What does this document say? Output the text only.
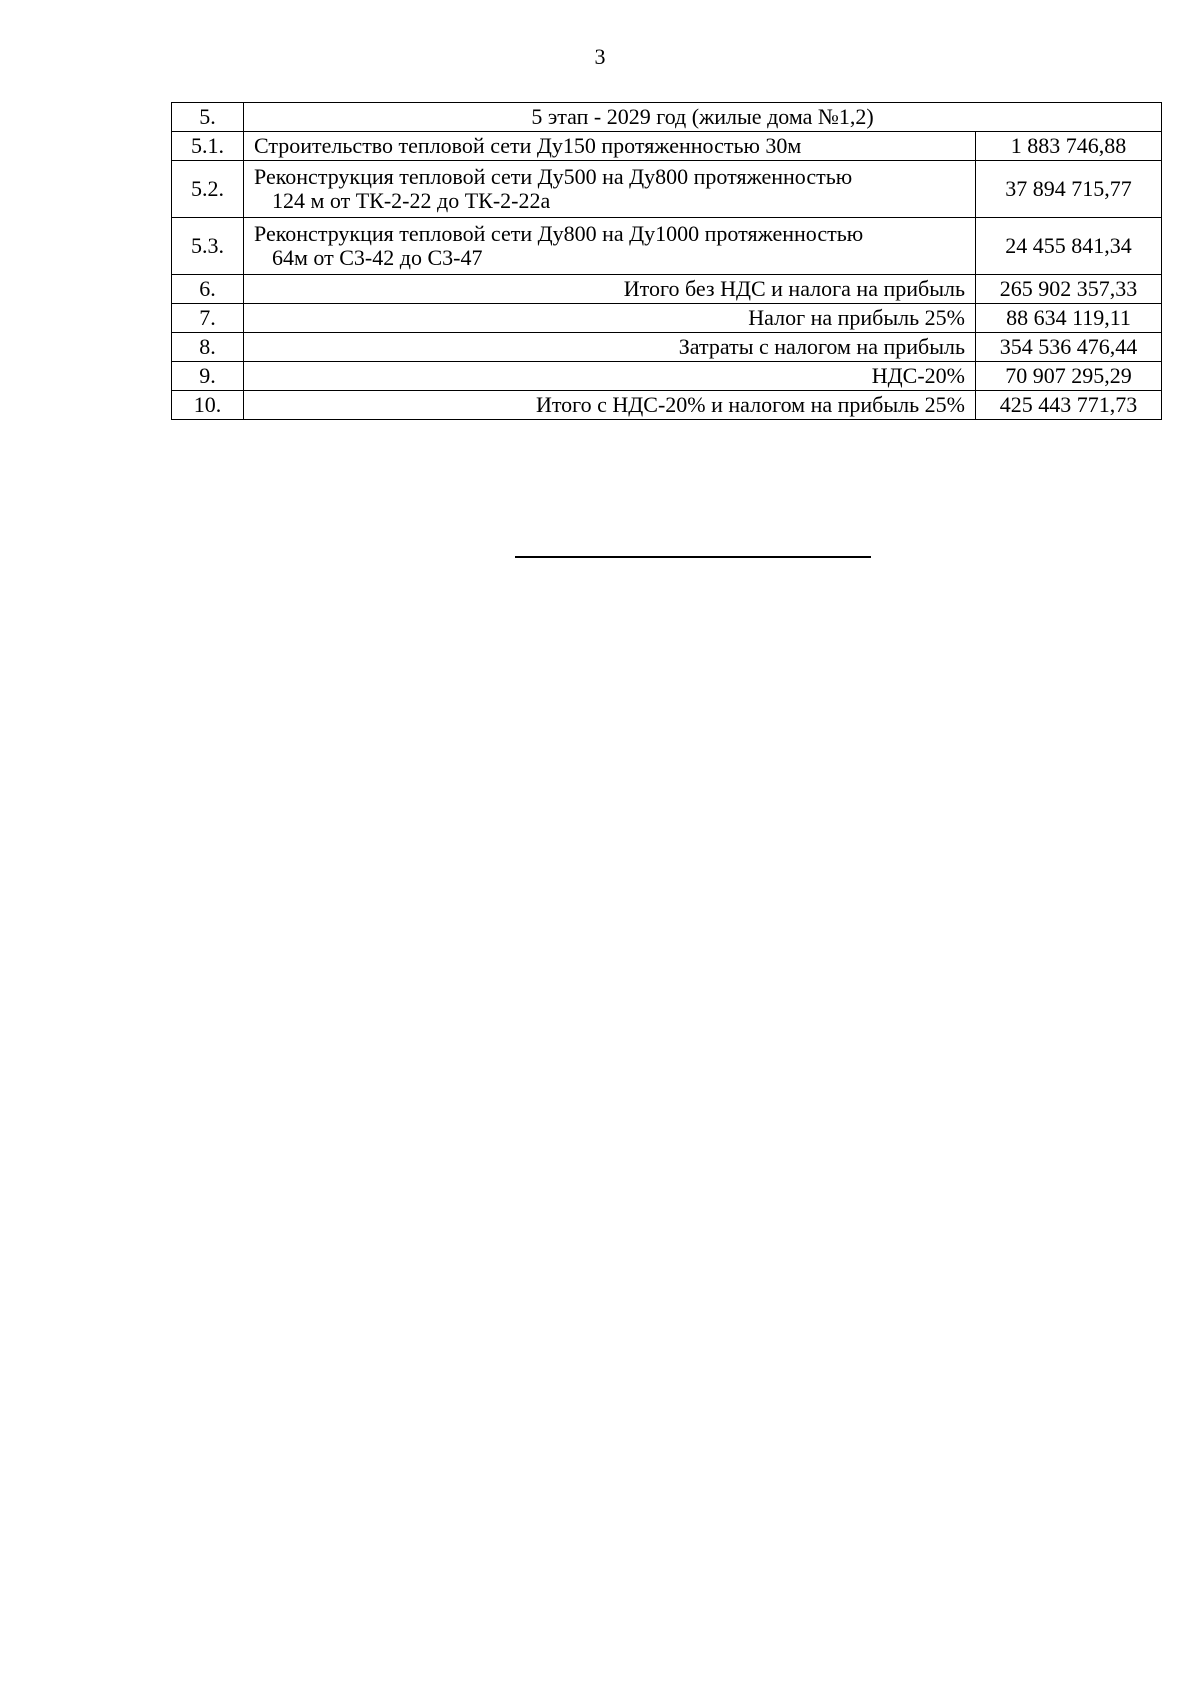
3
5.	5 этап - 2029 год (жилые дома №1,2)	
5.1.	Строительство тепловой сети Ду150 протяженностью 30м	1 883 746,88
5.2.	Реконструкция тепловой сети Ду500 на Ду800 протяженностью
124 м от ТК-2-22 до ТК-2-22а	37 894 715,77
5.3.	Реконструкция тепловой сети Ду800 на Ду1000 протяженностью
64м от С3-42 до С3-47	24 455 841,34
6.	Итого без НДС и налога на прибыль	265 902 357,33
7.	Налог на прибыль 25%	88 634 119,11
8.	Затраты с налогом на прибыль	354 536 476,44
9.	НДС-20%	70 907 295,29
10.	Итого с НДС-20% и налогом на прибыль 25%	425 443 771,73
